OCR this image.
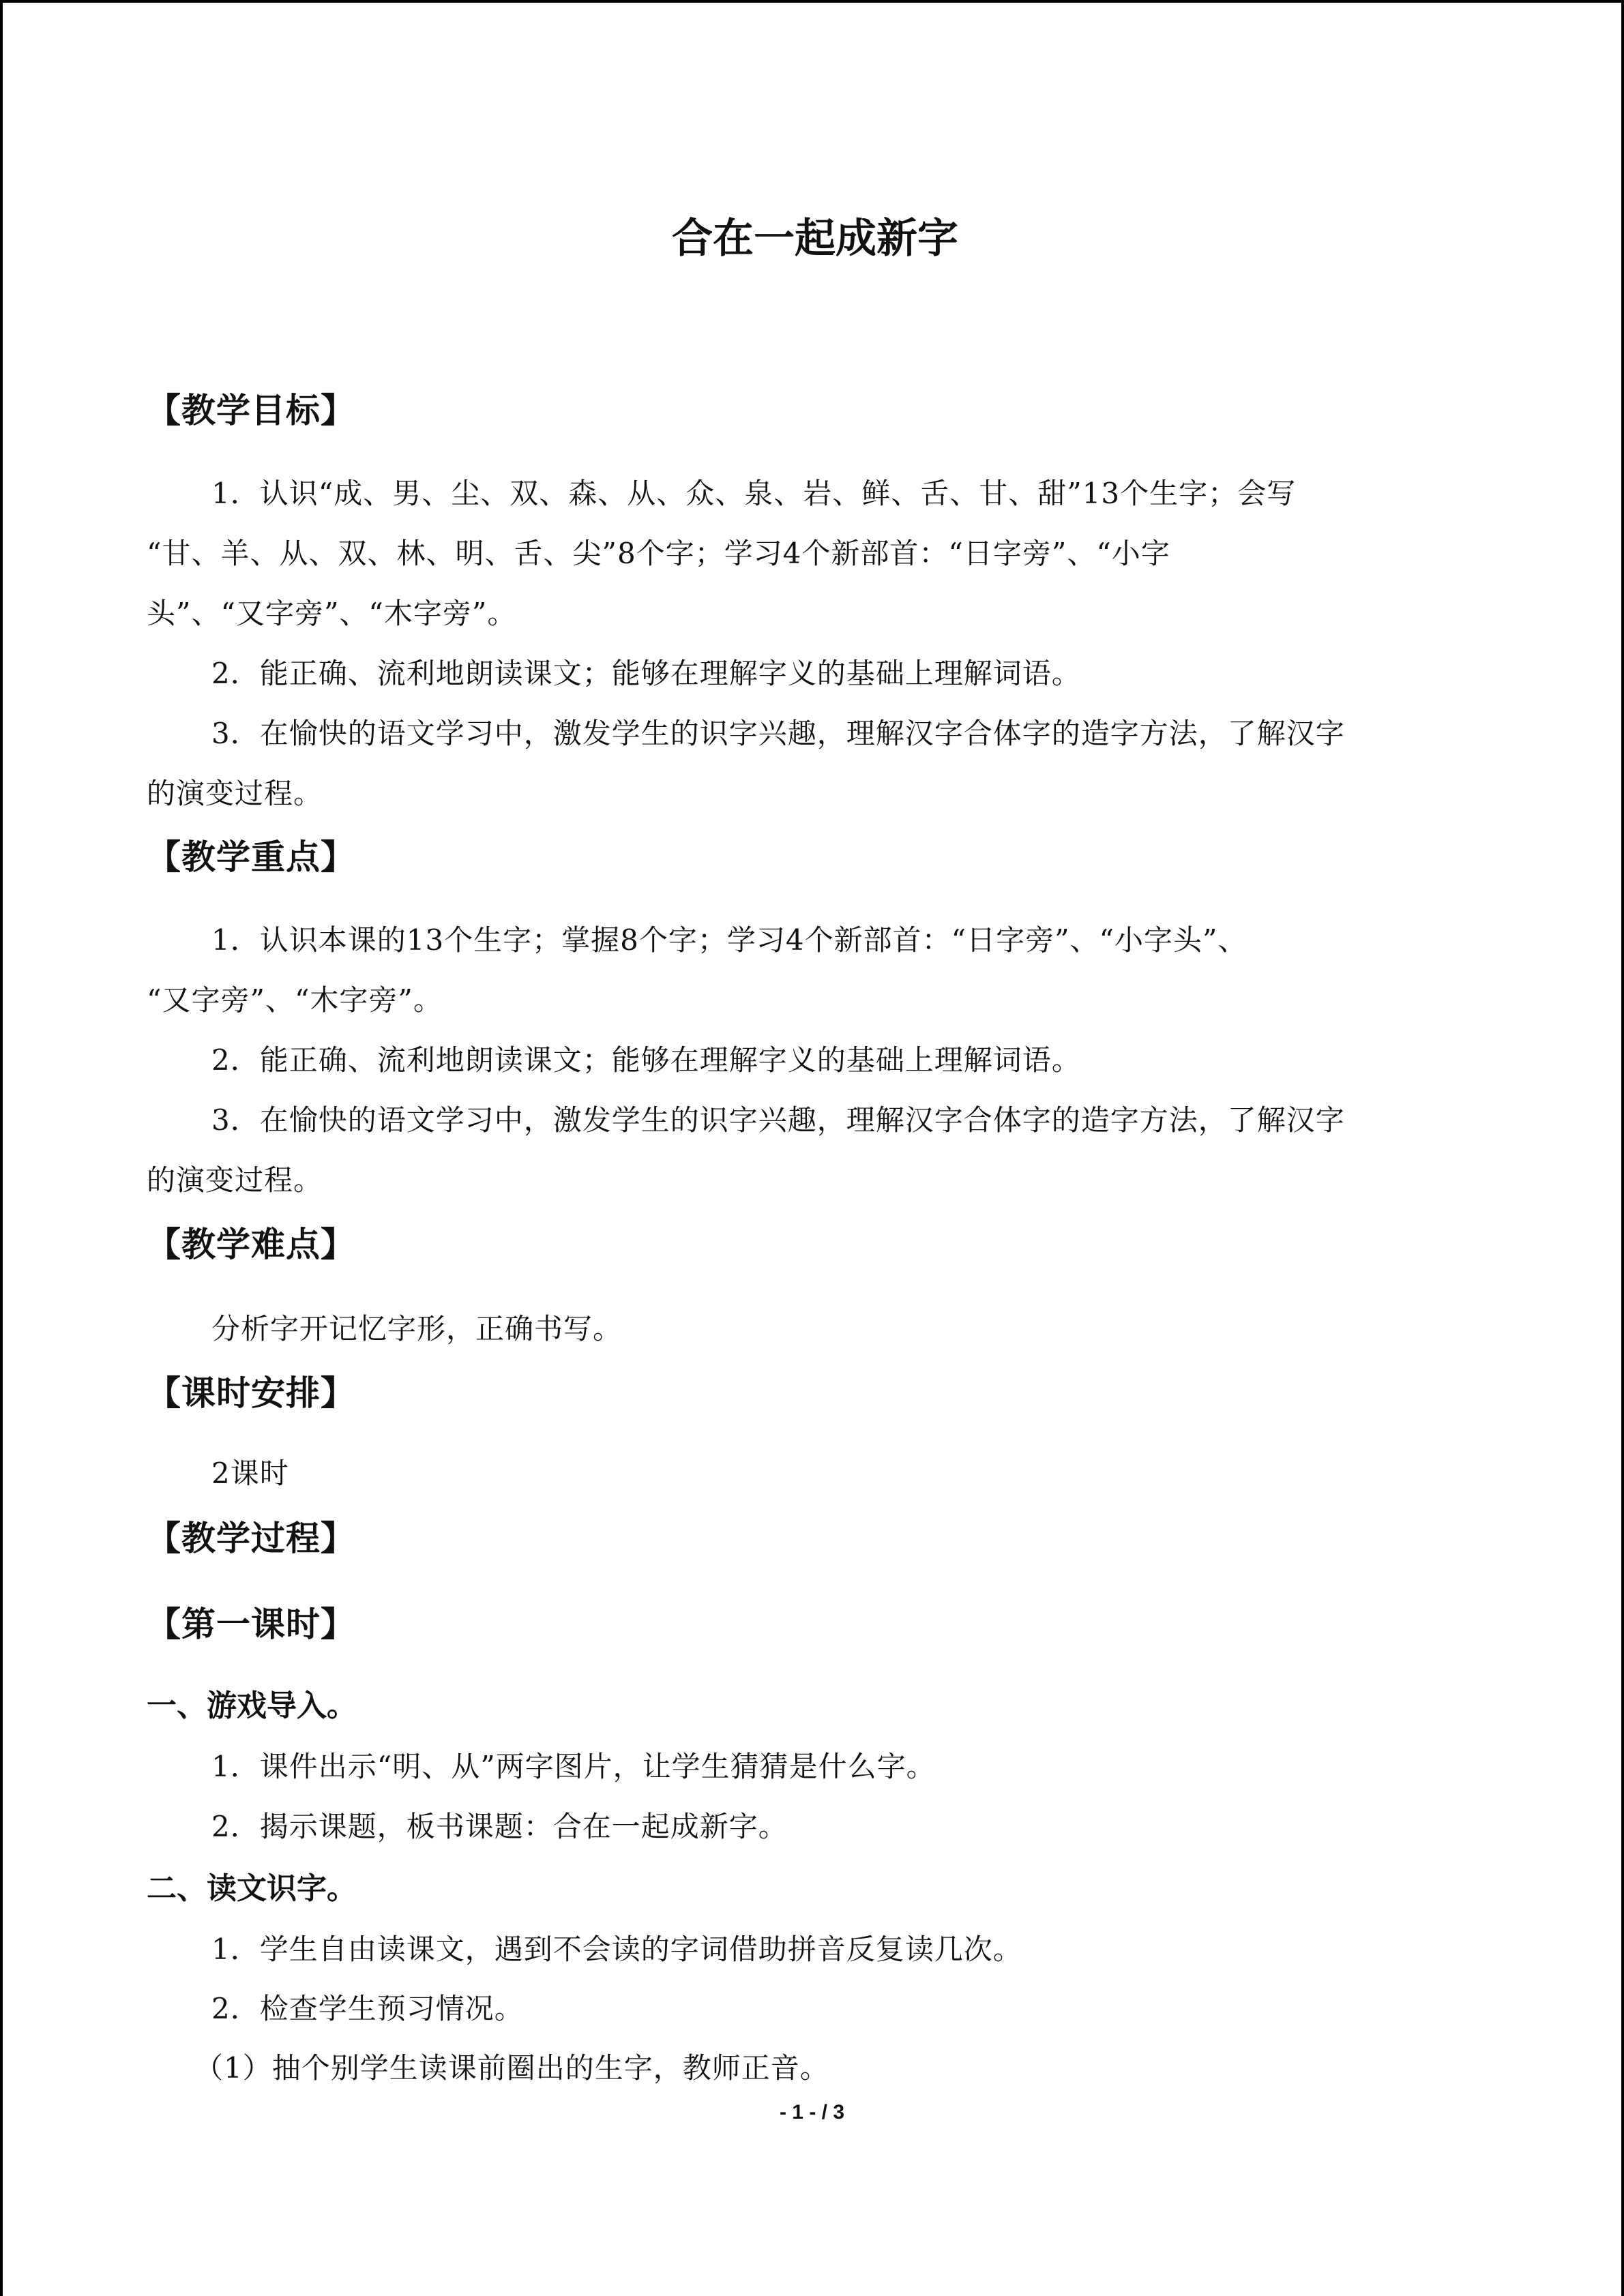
合在一起成新字
【教学目标】
1．认识“成、男、尘、双、森、从、众、泉、岩、鲜、舌、甘、甜”13个生字；会写
“甘、羊、从、双、林、明、舌、尖”8个字；学习4个新部首：“日字旁”、“小字
头”、“又字旁”、“木字旁”。
2．能正确、流利地朗读课文；能够在理解字义的基础上理解词语。
3．在愉快的语文学习中，激发学生的识字兴趣，理解汉字合体字的造字方法，了解汉字
的演变过程。
【教学重点】
1．认识本课的13个生字；掌握8个字；学习4个新部首：“日字旁”、“小字头”、
“又字旁”、“木字旁”。
2．能正确、流利地朗读课文；能够在理解字义的基础上理解词语。
3．在愉快的语文学习中，激发学生的识字兴趣，理解汉字合体字的造字方法，了解汉字
的演变过程。
【教学难点】
分析字开记忆字形，正确书写。
【课时安排】
2课时
【教学过程】
【第一课时】
一、游戏导入。
1．课件出示“明、从”两字图片，让学生猜猜是什么字。
2．揭示课题，板书课题：合在一起成新字。
二、读文识字。
1．学生自由读课文，遇到不会读的字词借助拼音反复读几次。
2．检查学生预习情况。
（1）抽个别学生读课前圈出的生字，教师正音。
- 1 - / 3
